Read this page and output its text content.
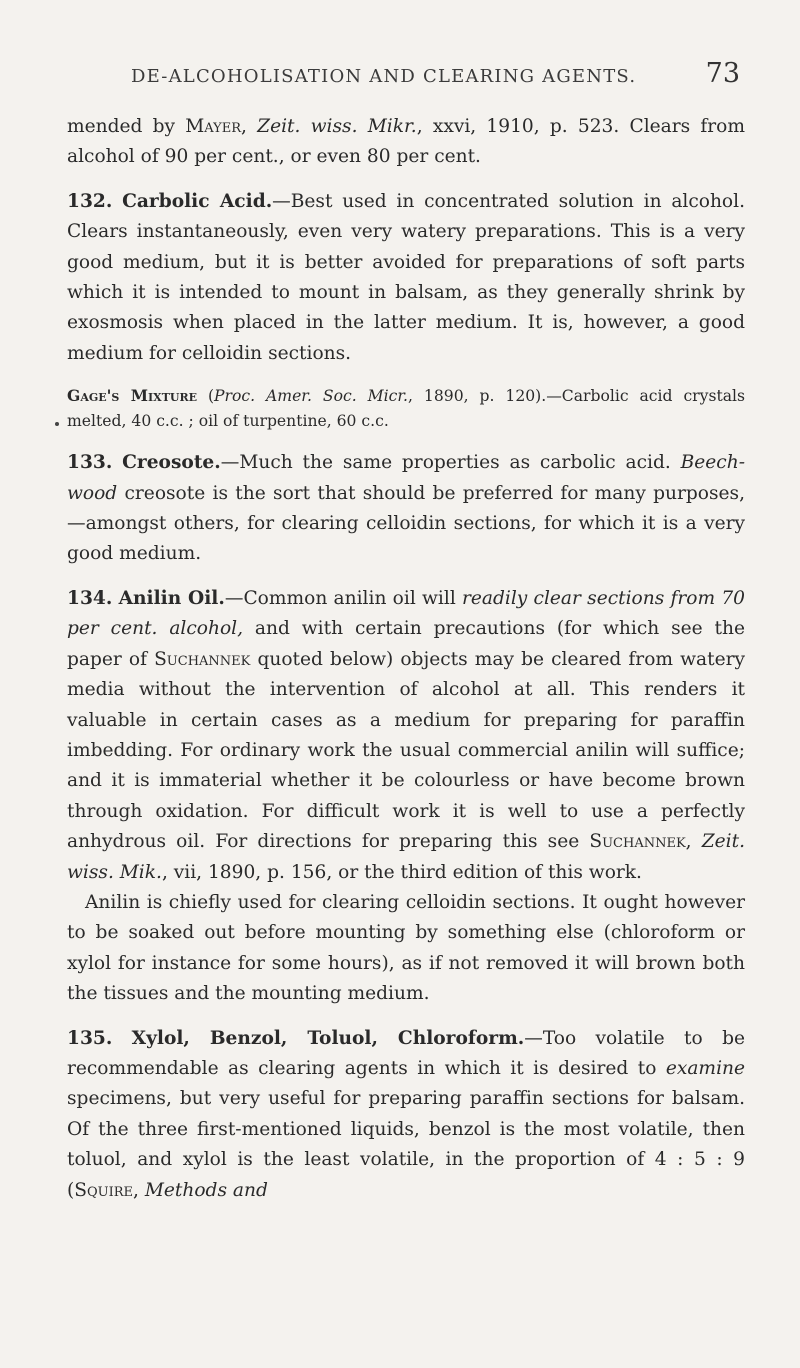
DE-ALCOHOLISATION AND CLEARING AGENTS.	73

mended by Mayer, Zeit. wiss. Mikr., xxvi, 1910, p. 523. Clears from alcohol of 90 per cent., or even 80 per cent.

132. Carbolic Acid.—Best used in concentrated solution in alcohol. Clears instantaneously, even very watery preparations. This is a very good medium, but it is better avoided for preparations of soft parts which it is intended to mount in balsam, as they generally shrink by exosmosis when placed in the latter medium. It is, however, a good medium for celloidin sections.

Gage's Mixture (Proc. Amer. Soc. Micr., 1890, p. 120).—Carbolic acid crystals melted, 40 c.c. ; oil of turpentine, 60 c.c.

133. Creosote.—Much the same properties as carbolic acid. Beech-wood creosote is the sort that should be preferred for many purposes,—amongst others, for clearing celloidin sections, for which it is a very good medium.

134. Anilin Oil.—Common anilin oil will readily clear sections from 70 per cent. alcohol, and with certain precautions (for which see the paper of Suchannek quoted below) objects may be cleared from watery media without the intervention of alcohol at all. This renders it valuable in certain cases as a medium for preparing for paraffin imbedding. For ordinary work the usual commercial anilin will suffice; and it is immaterial whether it be colourless or have become brown through oxidation. For difficult work it is well to use a perfectly anhydrous oil. For directions for preparing this see Suchannek, Zeit. wiss. Mik., vii, 1890, p. 156, or the third edition of this work.

Anilin is chiefly used for clearing celloidin sections. It ought however to be soaked out before mounting by something else (chloroform or xylol for instance for some hours), as if not removed it will brown both the tissues and the mounting medium.

135. Xylol, Benzol, Toluol, Chloroform.—Too volatile to be recommendable as clearing agents in which it is desired to examine specimens, but very useful for preparing paraffin sections for balsam. Of the three first-mentioned liquids, benzol is the most volatile, then toluol, and xylol is the least volatile, in the proportion of 4 : 5 : 9 (Squire, Methods and
